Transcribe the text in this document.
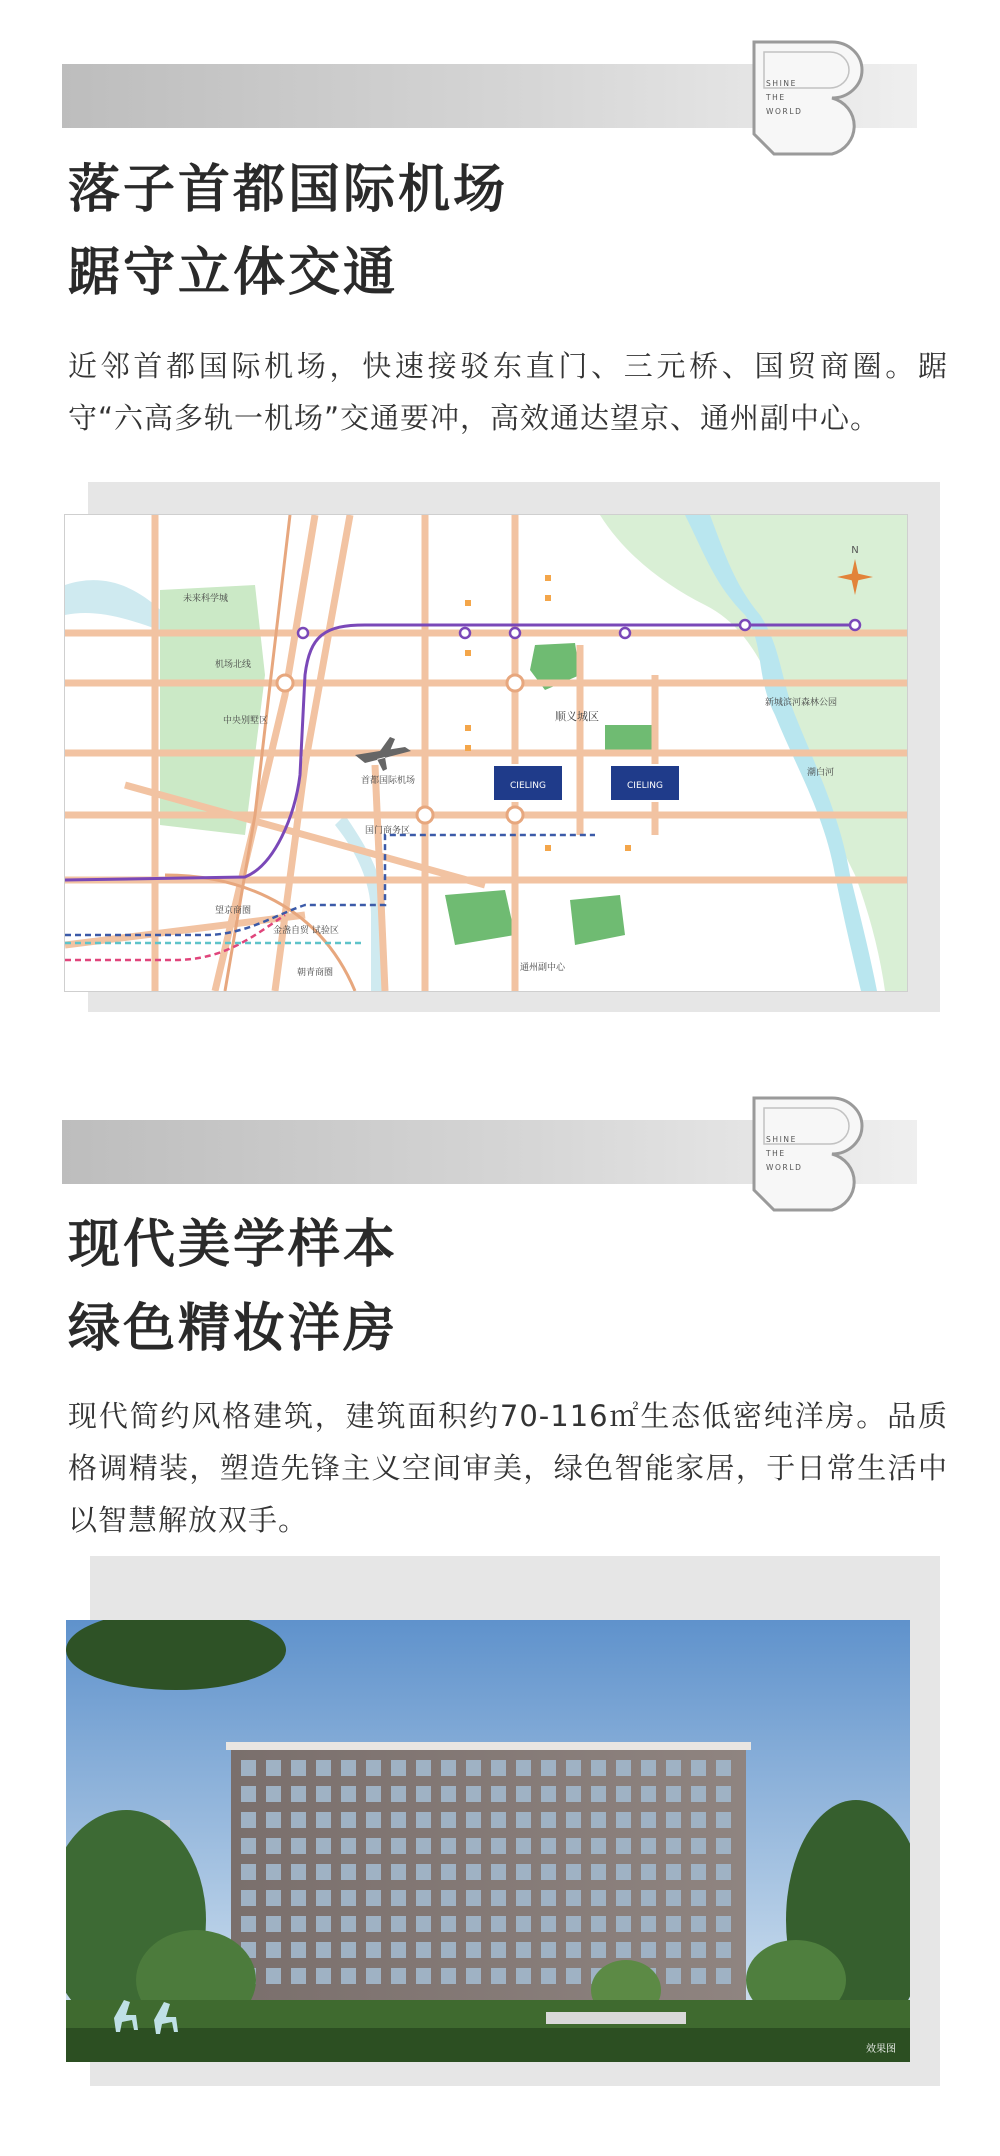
SHINE
THE
WORLD
落子首都国际机场
踞守立体交通

近邻首都国际机场，快速接驳东直门、三元桥、国贸商圈。踞守“六高多轨一机场”交通要冲，高效通达望京、通州副中心。

CIELING	CIELING
N
未来科学城
机场北线
中央别墅区
首都国际机场
国门商务区
顺义城区
通州副中心
望京商圈
金盏自贸 试验区
新城滨河森林公园
潮白河
朝青商圈
SHINE
THE
WORLD
现代美学样本
绿色精妆洋房

现代简约风格建筑，建筑面积约70-116㎡生态低密纯洋房。品质格调精装，塑造先锋主义空间审美，绿色智能家居，于日常生活中以智慧解放双手。

效果图
